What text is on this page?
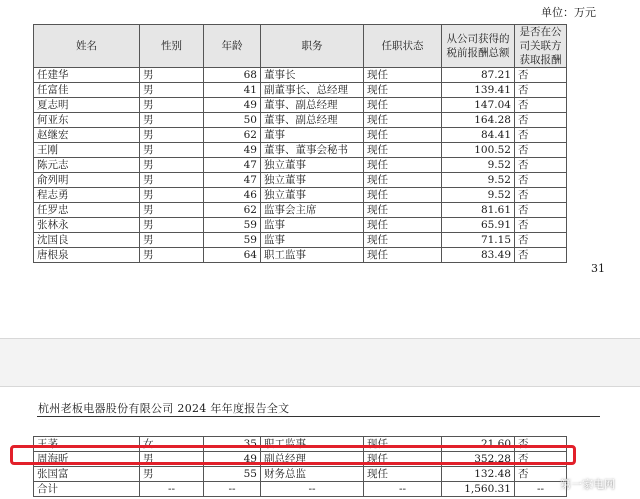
单位：万元
姓名	性别	年龄	职务	任职状态	从公司获得的税前报酬总额	是否在公司关联方获取报酬
任建华	男	68	董事长	现任	87.21	否
任富佳	男	41	副董事长、总经理	现任	139.41	否
夏志明	男	49	董事、副总经理	现任	147.04	否
何亚东	男	50	董事、副总经理	现任	164.28	否
赵继宏	男	62	董事	现任	84.41	否
王刚	男	49	董事、董事会秘书	现任	100.52	否
陈元志	男	47	独立董事	现任	9.52	否
俞列明	男	47	独立董事	现任	9.52	否
程志勇	男	46	独立董事	现任	9.52	否
任罗忠	男	62	监事会主席	现任	81.61	否
张林永	男	59	监事	现任	65.91	否
沈国良	男	59	监事	现任	71.15	否
唐根泉	男	64	职工监事	现任	83.49	否
31
杭州老板电器股份有限公司 2024 年年度报告全文
王茅	女	35	职工监事	现任	21.60	否
周海昕	男	49	副总经理	现任	352.28	否
张国富	男	55	财务总监	现任	132.48	否
合计	--	--	--	--	1,560.31	-- 第一家电网
